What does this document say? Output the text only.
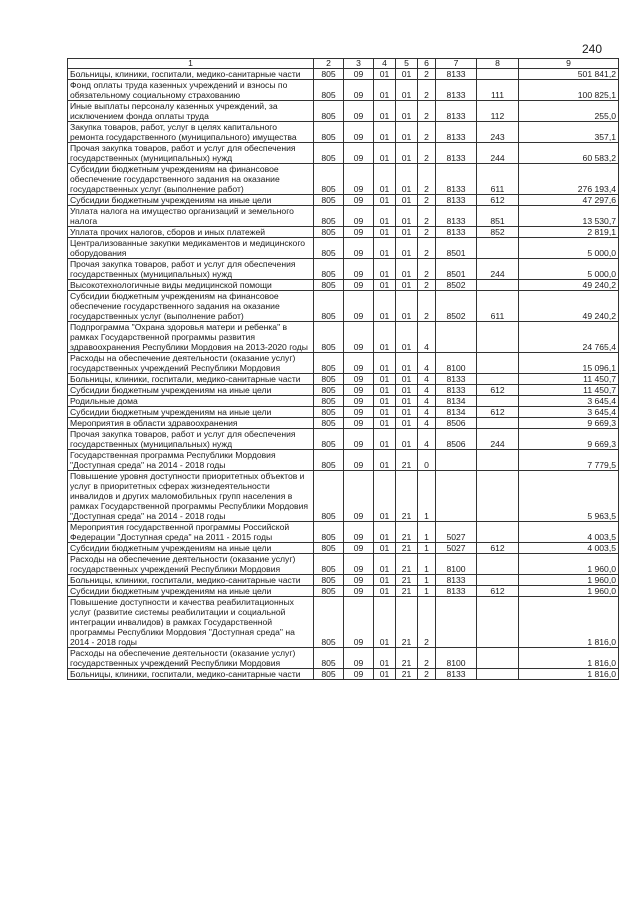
240
1	2	3	4	5	6	7	8	9
Больницы, клиники, госпитали, медико-санитарные части	805	09	01	01	2	8133		501 841,2
Фонд оплаты труда казенных учреждений и взносы по обязательному социальному страхованию	805	09	01	01	2	8133	111	100 825,1
Иные выплаты персоналу казенных учреждений, за исключением фонда оплаты труда	805	09	01	01	2	8133	112	255,0
Закупка товаров, работ, услуг в целях капитального ремонта государственного (муниципального) имущества	805	09	01	01	2	8133	243	357,1
Прочая закупка товаров, работ и услуг для обеспечения государственных (муниципальных) нужд	805	09	01	01	2	8133	244	60 583,2
Субсидии бюджетным учреждениям на финансовое обеспечение государственного задания на оказание государственных услуг (выполнение работ)	805	09	01	01	2	8133	611	276 193,4
Субсидии бюджетным учреждениям на иные цели	805	09	01	01	2	8133	612	47 297,6
Уплата налога на имущество организаций и земельного налога	805	09	01	01	2	8133	851	13 530,7
Уплата прочих налогов, сборов и иных платежей	805	09	01	01	2	8133	852	2 819,1
Централизованные закупки медикаментов и медицинского оборудования	805	09	01	01	2	8501		5 000,0
Прочая закупка товаров, работ и услуг для обеспечения государственных (муниципальных) нужд	805	09	01	01	2	8501	244	5 000,0
Высокотехнологичные виды медицинской помощи	805	09	01	01	2	8502		49 240,2
Субсидии бюджетным учреждениям на финансовое обеспечение государственного задания на оказание государственных услуг (выполнение работ)	805	09	01	01	2	8502	611	49 240,2
Подпрограмма "Охрана здоровья матери и ребенка" в рамках Государственной программы развития здравоохранения Республики Мордовия на 2013-2020 годы	805	09	01	01	4			24 765,4
Расходы на обеспечение деятельности (оказание услуг) государственных учреждений Республики Мордовия	805	09	01	01	4	8100		15 096,1
Больницы, клиники, госпитали, медико-санитарные части	805	09	01	01	4	8133		11 450,7
Субсидии бюджетным учреждениям на иные цели	805	09	01	01	4	8133	612	11 450,7
Родильные дома	805	09	01	01	4	8134		3 645,4
Субсидии бюджетным учреждениям на иные цели	805	09	01	01	4	8134	612	3 645,4
Мероприятия в области здравоохранения	805	09	01	01	4	8506		9 669,3
Прочая закупка товаров, работ и услуг для обеспечения государственных (муниципальных) нужд	805	09	01	01	4	8506	244	9 669,3
Государственная программа Республики Мордовия "Доступная среда" на 2014 - 2018 годы	805	09	01	21	0			7 779,5
Повышение уровня доступности приоритетных объектов и услуг в приоритетных сферах жизнедеятельности инвалидов и других маломобильных групп населения в рамках Государственной программы Республики Мордовия "Доступная среда" на 2014 - 2018 годы	805	09	01	21	1			5 963,5
Мероприятия государственной программы Российской Федерации "Доступная среда" на 2011 - 2015 годы	805	09	01	21	1	5027		4 003,5
Субсидии бюджетным учреждениям на иные цели	805	09	01	21	1	5027	612	4 003,5
Расходы на обеспечение деятельности (оказание услуг) государственных учреждений Республики Мордовия	805	09	01	21	1	8100		1 960,0
Больницы, клиники, госпитали, медико-санитарные части	805	09	01	21	1	8133		1 960,0
Субсидии бюджетным учреждениям на иные цели	805	09	01	21	1	8133	612	1 960,0
Повышение доступности и качества реабилитационных услуг (развитие системы реабилитации и социальной интеграции инвалидов) в рамках Государственной программы Республики Мордовия "Доступная среда" на 2014 - 2018 годы	805	09	01	21	2			1 816,0
Расходы на обеспечение деятельности (оказание услуг) государственных учреждений Республики Мордовия	805	09	01	21	2	8100		1 816,0
Больницы, клиники, госпитали, медико-санитарные части	805	09	01	21	2	8133		1 816,0
